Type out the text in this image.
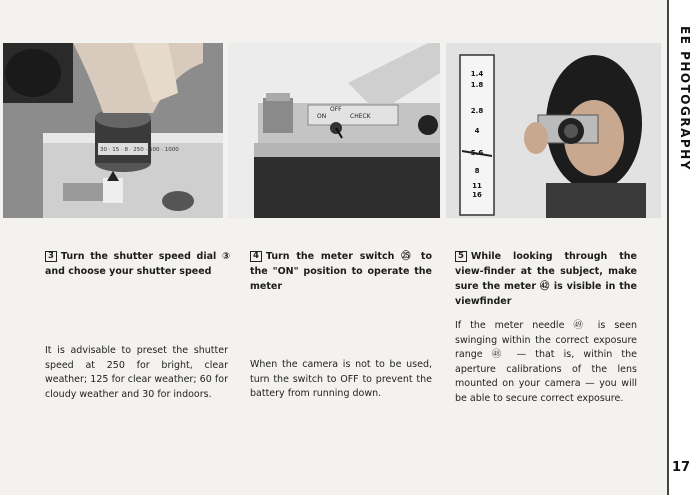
30 · 15 · 8 · 250 · 500 · 1000
ON
OFF
CHECK
1.4
1.8
2.8
4
5.6
8
11
16
3 Turn the shutter speed dial ③ and choose your shutter speed
It is advisable to preset the shutter speed at 250 for bright, clear weather; 125 for clear weather; 60 for cloudy weather and 30 for indoors.
4 Turn the meter switch ㉕ to the "ON" position to operate the meter
When the camera is not to be used, turn the switch to OFF to prevent the battery from running down.
5 While looking through the view-finder at the subject, make sure the meter ㊷ is visible in the viewfinder
If the meter needle ㊾ is seen swinging within the correct exposure range ㊽ — that is, within the aperture calibrations of the lens mounted on your camera — you will be able to secure correct exposure.
EE PHOTOGRAPHY
17
